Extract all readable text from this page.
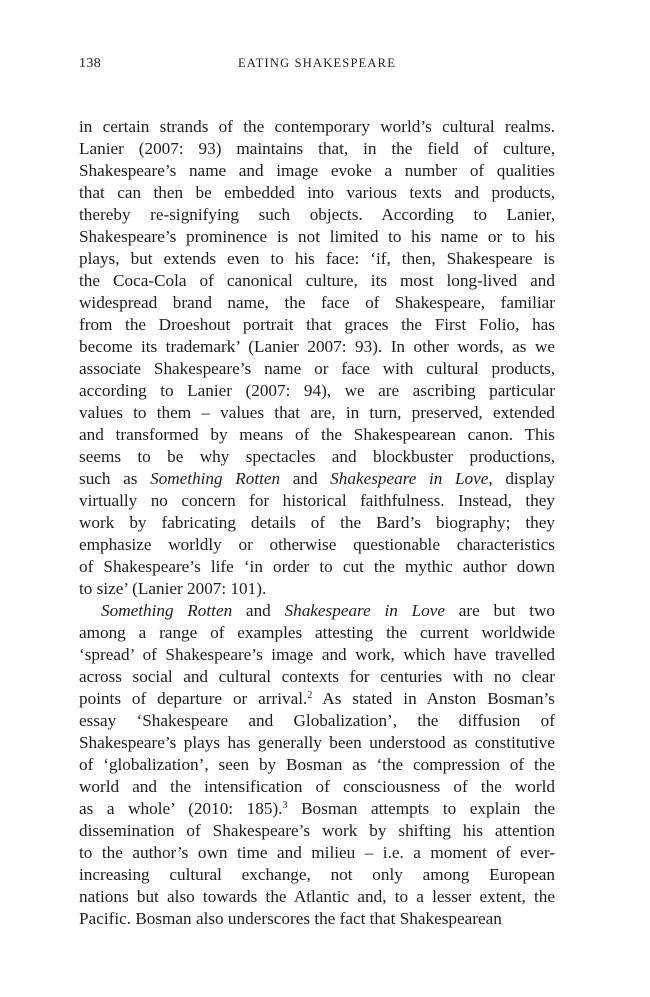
138	EATING SHAKESPEARE
in certain strands of the contemporary world’s cultural realms.
Lanier (2007: 93) maintains that, in the field of culture,
Shakespeare’s name and image evoke a number of qualities
that can then be embedded into various texts and products,
thereby re-signifying such objects. According to Lanier,
Shakespeare’s prominence is not limited to his name or to his
plays, but extends even to his face: ‘if, then, Shakespeare is
the Coca-Cola of canonical culture, its most long-lived and
widespread brand name, the face of Shakespeare, familiar
from the Droeshout portrait that graces the First Folio, has
become its trademark’ (Lanier 2007: 93). In other words, as we
associate Shakespeare’s name or face with cultural products,
according to Lanier (2007: 94), we are ascribing particular
values to them – values that are, in turn, preserved, extended
and transformed by means of the Shakespearean canon. This
seems to be why spectacles and blockbuster productions,
such as Something Rotten and Shakespeare in Love, display
virtually no concern for historical faithfulness. Instead, they
work by fabricating details of the Bard’s biography; they
emphasize worldly or otherwise questionable characteristics
of Shakespeare’s life ‘in order to cut the mythic author down
to size’ (Lanier 2007: 101).
Something Rotten and Shakespeare in Love are but two
among a range of examples attesting the current worldwide
‘spread’ of Shakespeare’s image and work, which have travelled
across social and cultural contexts for centuries with no clear
points of departure or arrival.$^2$ As stated in Anston Bosman’s
essay ‘Shakespeare and Globalization’, the diffusion of
Shakespeare’s plays has generally been understood as constitutive
of ‘globalization’, seen by Bosman as ‘the compression of the
world and the intensification of consciousness of the world
as a whole’ (2010: 185).$^3$ Bosman attempts to explain the
dissemination of Shakespeare’s work by shifting his attention
to the author’s own time and milieu – i.e. a moment of ever-
increasing cultural exchange, not only among European
nations but also towards the Atlantic and, to a lesser extent, the
Pacific. Bosman also underscores the fact that Shakespearean
